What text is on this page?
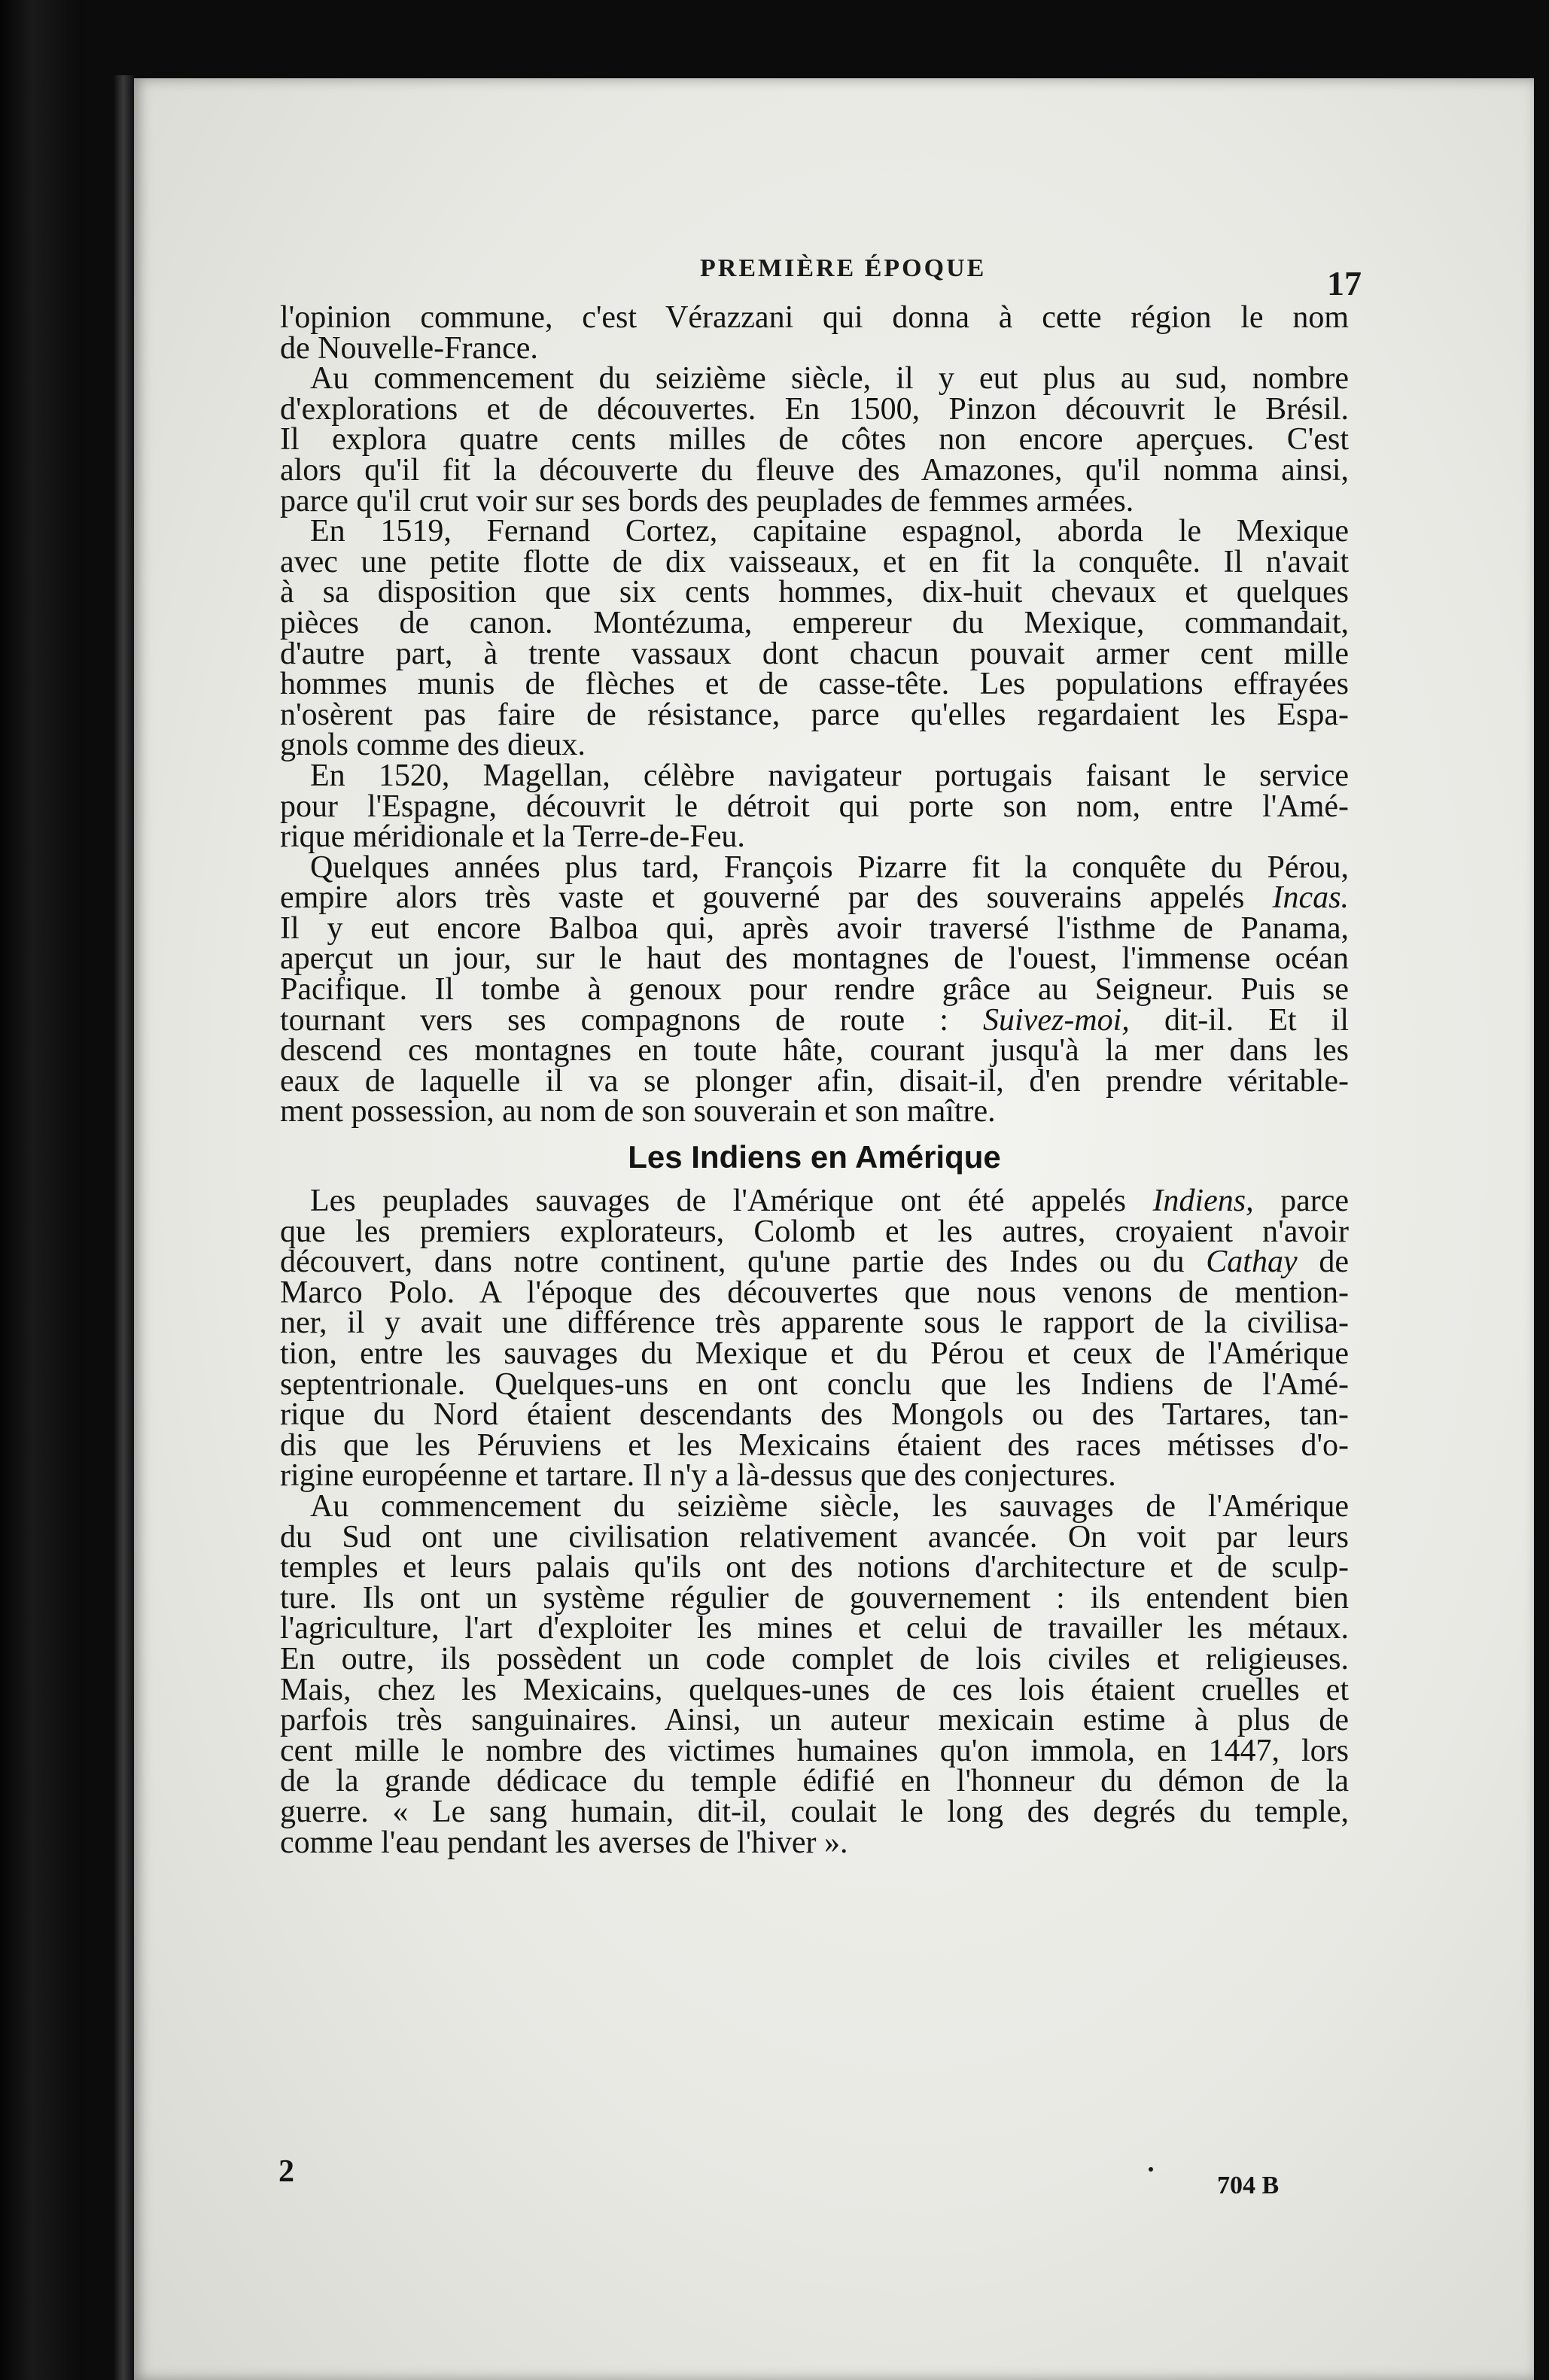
PREMIÈRE ÉPOQUE	17
l'opinion commune, c'est Vérazzani qui donna à cette région le nom
de Nouvelle-France.
Au commencement du seizième siècle, il y eut plus au sud, nombre
d'explorations et de découvertes. En 1500, Pinzon découvrit le Brésil.
Il explora quatre cents milles de côtes non encore aperçues. C'est
alors qu'il fit la découverte du fleuve des Amazones, qu'il nomma ainsi,
parce qu'il crut voir sur ses bords des peuplades de femmes armées.
En 1519, Fernand Cortez, capitaine espagnol, aborda le Mexique
avec une petite flotte de dix vaisseaux, et en fit la conquête. Il n'avait
à sa disposition que six cents hommes, dix-huit chevaux et quelques
pièces de canon. Montézuma, empereur du Mexique, commandait,
d'autre part, à trente vassaux dont chacun pouvait armer cent mille
hommes munis de flèches et de casse-tête. Les populations effrayées
n'osèrent pas faire de résistance, parce qu'elles regardaient les Espa-
gnols comme des dieux.
En 1520, Magellan, célèbre navigateur portugais faisant le service
pour l'Espagne, découvrit le détroit qui porte son nom, entre l'Amé-
rique méridionale et la Terre-de-Feu.
Quelques années plus tard, François Pizarre fit la conquête du Pérou,
empire alors très vaste et gouverné par des souverains appelés Incas.
Il y eut encore Balboa qui, après avoir traversé l'isthme de Panama,
aperçut un jour, sur le haut des montagnes de l'ouest, l'immense océan
Pacifique. Il tombe à genoux pour rendre grâce au Seigneur. Puis se
tournant vers ses compagnons de route : Suivez-moi, dit-il. Et il
descend ces montagnes en toute hâte, courant jusqu'à la mer dans les
eaux de laquelle il va se plonger afin, disait-il, d'en prendre véritable-
ment possession, au nom de son souverain et son maître.
Les Indiens en Amérique
Les peuplades sauvages de l'Amérique ont été appelés Indiens, parce
que les premiers explorateurs, Colomb et les autres, croyaient n'avoir
découvert, dans notre continent, qu'une partie des Indes ou du Cathay de
Marco Polo. A l'époque des découvertes que nous venons de mention-
ner, il y avait une différence très apparente sous le rapport de la civilisa-
tion, entre les sauvages du Mexique et du Pérou et ceux de l'Amérique
septentrionale. Quelques-uns en ont conclu que les Indiens de l'Amé-
rique du Nord étaient descendants des Mongols ou des Tartares, tan-
dis que les Péruviens et les Mexicains étaient des races métisses d'o-
rigine européenne et tartare. Il n'y a là-dessus que des conjectures.
Au commencement du seizième siècle, les sauvages de l'Amérique
du Sud ont une civilisation relativement avancée. On voit par leurs
temples et leurs palais qu'ils ont des notions d'architecture et de sculp-
ture. Ils ont un système régulier de gouvernement : ils entendent bien
l'agriculture, l'art d'exploiter les mines et celui de travailler les métaux.
En outre, ils possèdent un code complet de lois civiles et religieuses.
Mais, chez les Mexicains, quelques-unes de ces lois étaient cruelles et
parfois très sanguinaires. Ainsi, un auteur mexicain estime à plus de
cent mille le nombre des victimes humaines qu'on immola, en 1447, lors
de la grande dédicace du temple édifié en l'honneur du démon de la
guerre. « Le sang humain, dit-il, coulait le long des degrés du temple,
comme l'eau pendant les averses de l'hiver ».
2	704 B
